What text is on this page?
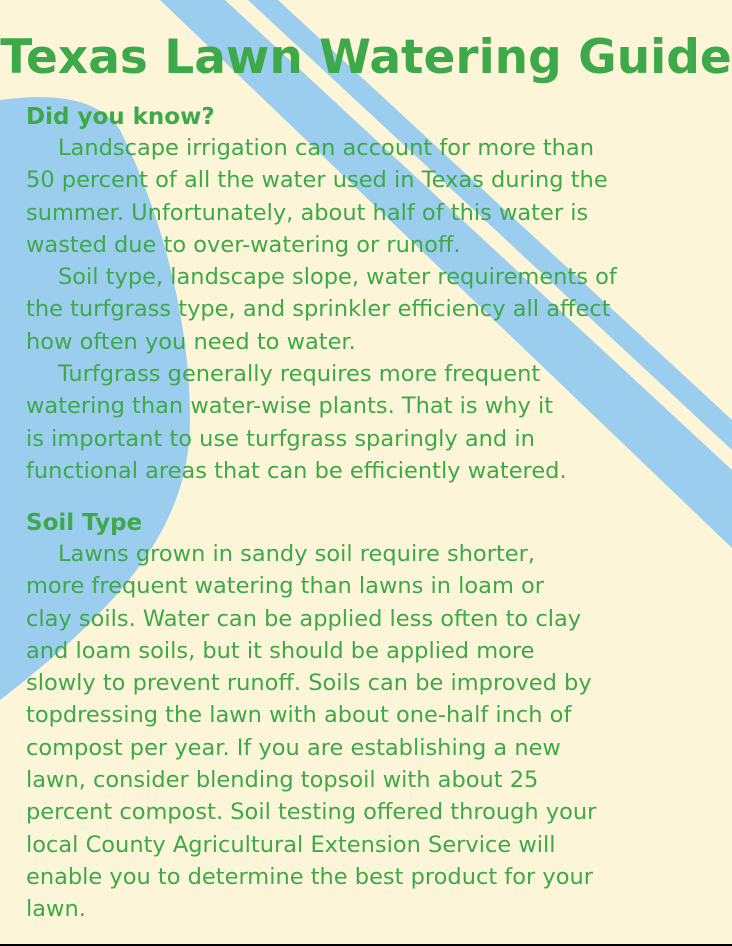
Texas Lawn Watering Guide
Did you know?

Landscape irrigation can account for more than
50 percent of all the water used in Texas during the
summer. Unfortunately, about half of this water is
wasted due to over-watering or runoff.

Soil type, landscape slope, water requirements of
the turfgrass type, and sprinkler efficiency all affect
how often you need to water.

Turfgrass generally requires more frequent
watering than water-wise plants. That is why it
is important to use turfgrass sparingly and in
functional areas that can be efficiently watered.

Soil Type

Lawns grown in sandy soil require shorter,
more frequent watering than lawns in loam or
clay soils. Water can be applied less often to clay
and loam soils, but it should be applied more
slowly to prevent runoff. Soils can be improved by
topdressing the lawn with about one-half inch of
compost per year. If you are establishing a new
lawn, consider blending topsoil with about 25
percent compost. Soil testing offered through your
local County Agricultural Extension Service will
enable you to determine the best product for your
lawn.
